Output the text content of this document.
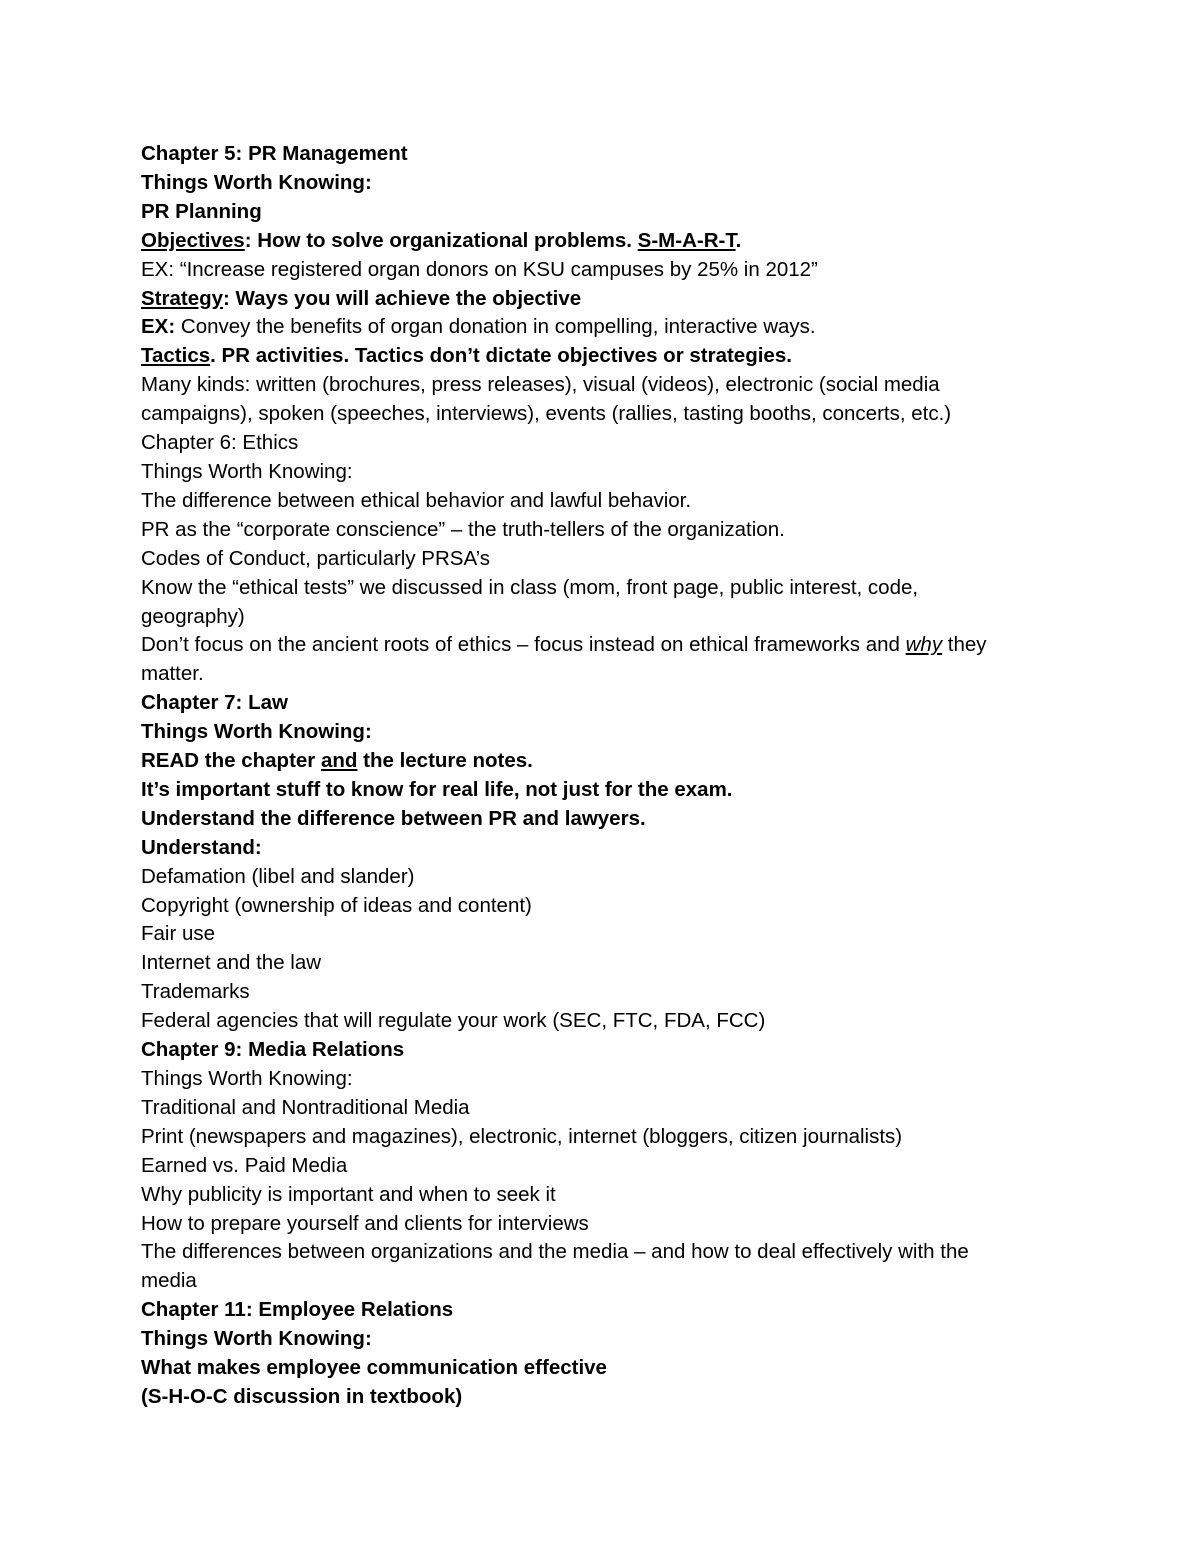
Chapter 5: PR Management

Things Worth Knowing:

PR Planning

Objectives: How to solve organizational problems. S-M-A-R-T.

EX: “Increase registered organ donors on KSU campuses by 25% in 2012”

Strategy: Ways you will achieve the objective

EX: Convey the benefits of organ donation in compelling, interactive ways.

Tactics. PR activities. Tactics don’t dictate objectives or strategies.

Many kinds: written (brochures, press releases), visual (videos), electronic (social media

campaigns), spoken (speeches, interviews), events (rallies, tasting booths, concerts, etc.)

Chapter 6: Ethics

Things Worth Knowing:

The difference between ethical behavior and lawful behavior.

PR as the “corporate conscience” – the truth-tellers of the organization.

Codes of Conduct, particularly PRSA’s

Know the “ethical tests” we discussed in class (mom, front page, public interest, code,

geography)

Don’t focus on the ancient roots of ethics – focus instead on ethical frameworks and why they

matter.

Chapter 7: Law

Things Worth Knowing:

READ the chapter and the lecture notes.

It’s important stuff to know for real life, not just for the exam.

Understand the difference between PR and lawyers.

Understand:

Defamation (libel and slander)

Copyright (ownership of ideas and content)

Fair use

Internet and the law

Trademarks

Federal agencies that will regulate your work (SEC, FTC, FDA, FCC)

Chapter 9: Media Relations

Things Worth Knowing:

Traditional and Nontraditional Media

Print (newspapers and magazines), electronic, internet (bloggers, citizen journalists)

Earned vs. Paid Media

Why publicity is important and when to seek it

How to prepare yourself and clients for interviews

The differences between organizations and the media – and how to deal effectively with the

media

Chapter 11: Employee Relations

Things Worth Knowing:

What makes employee communication effective

(S-H-O-C discussion in textbook)
